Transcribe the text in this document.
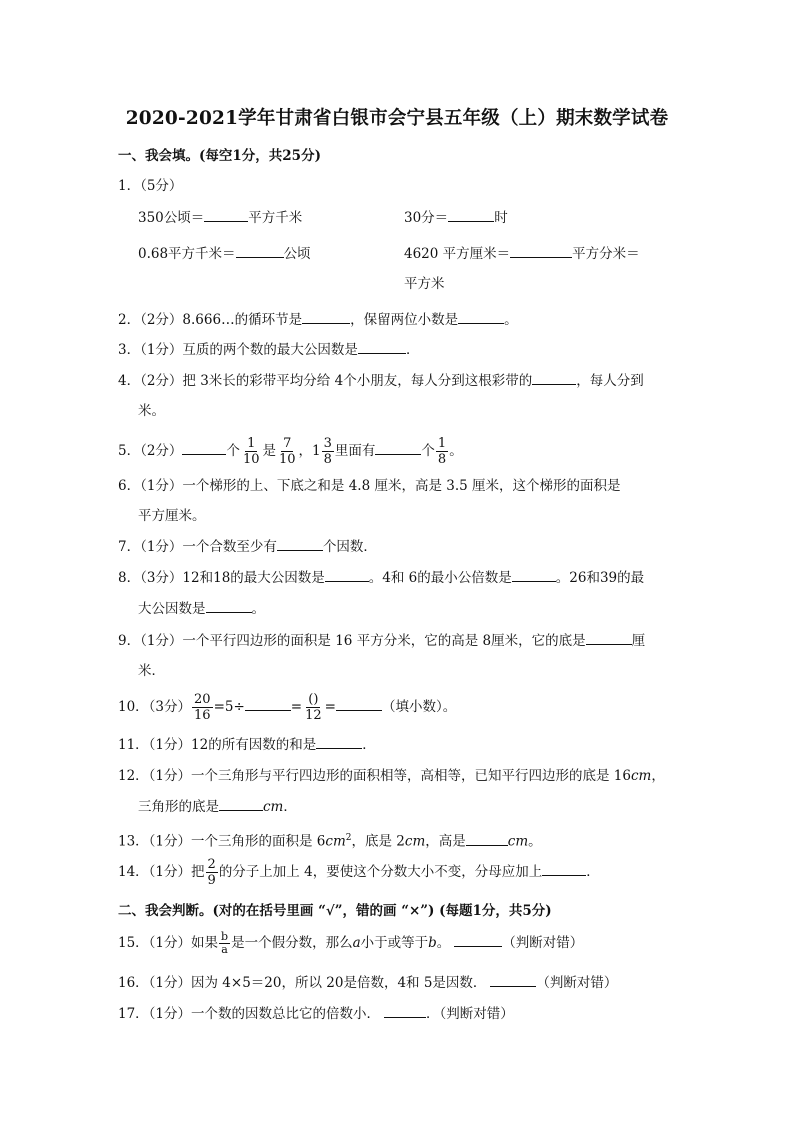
2020-2021学年甘肃省白银市会宁县五年级（上）期末数学试卷
一、我会填。(每空1分，共25分)
1．（5分）
350公顷＝	平方千米	30分＝	时
0.68平方千米＝	公顷	4620 平方厘米＝	平方分米＝
平方米
2．（2分）8.666…的循环节是	，保留两位小数是	。
3．（1分）互质的两个数的最大公因数是	．
4．（2分）把 3米长的彩带平均分给 4个小朋友，每人分到这根彩带的	，每人分到
米。
5．（2分）	个 $\frac{1}{10}$ 是 $\frac{7}{10}$ ，$1 \frac{3}{8}$ 里面有	个 $\frac{1}{8}$ 。
6．（1分）一个梯形的上、下底之和是 4.8 厘米，高是 3.5 厘米，这个梯形的面积是
平方厘米。
7．（1分）一个合数至少有	个因数．
8．（3分）12和18的最大公因数是	。4和 6的最小公倍数是	。26和39的最
大公因数是	。
9．（1分）一个平行四边形的面积是 16 平方分米，它的高是 8厘米，它的底是	厘
米．
10．（3分） $\frac{20}{16} =5\div$	= $\frac{()}{12}$ =	（填小数）。
11．（1分）12的所有因数的和是	．
12．（1分）一个三角形与平行四边形的面积相等，高相等，已知平行四边形的底是 16cm，
三角形的底是	cm．
13．（1分）一个三角形的面积是 $6cm^2$，底是 2cm，高是	cm。
14．（1分）把 $\frac{2}{9}$ 的分子上加上 4，要使这个分数大小不变，分母应加上	．
二、我会判断。(对的在括号里画 “√”，错的画 “×”) (每题1分，共5分)
15．（1分）如果 $\frac{b}{a}$ 是一个假分数，那么a小于或等于b。	（判断对错）
16．（1分）因为 4×5＝20，所以 20是倍数，4和 5是因数．	（判断对错）
17．（1分）一个数的因数总比它的倍数小．	．（判断对错）
